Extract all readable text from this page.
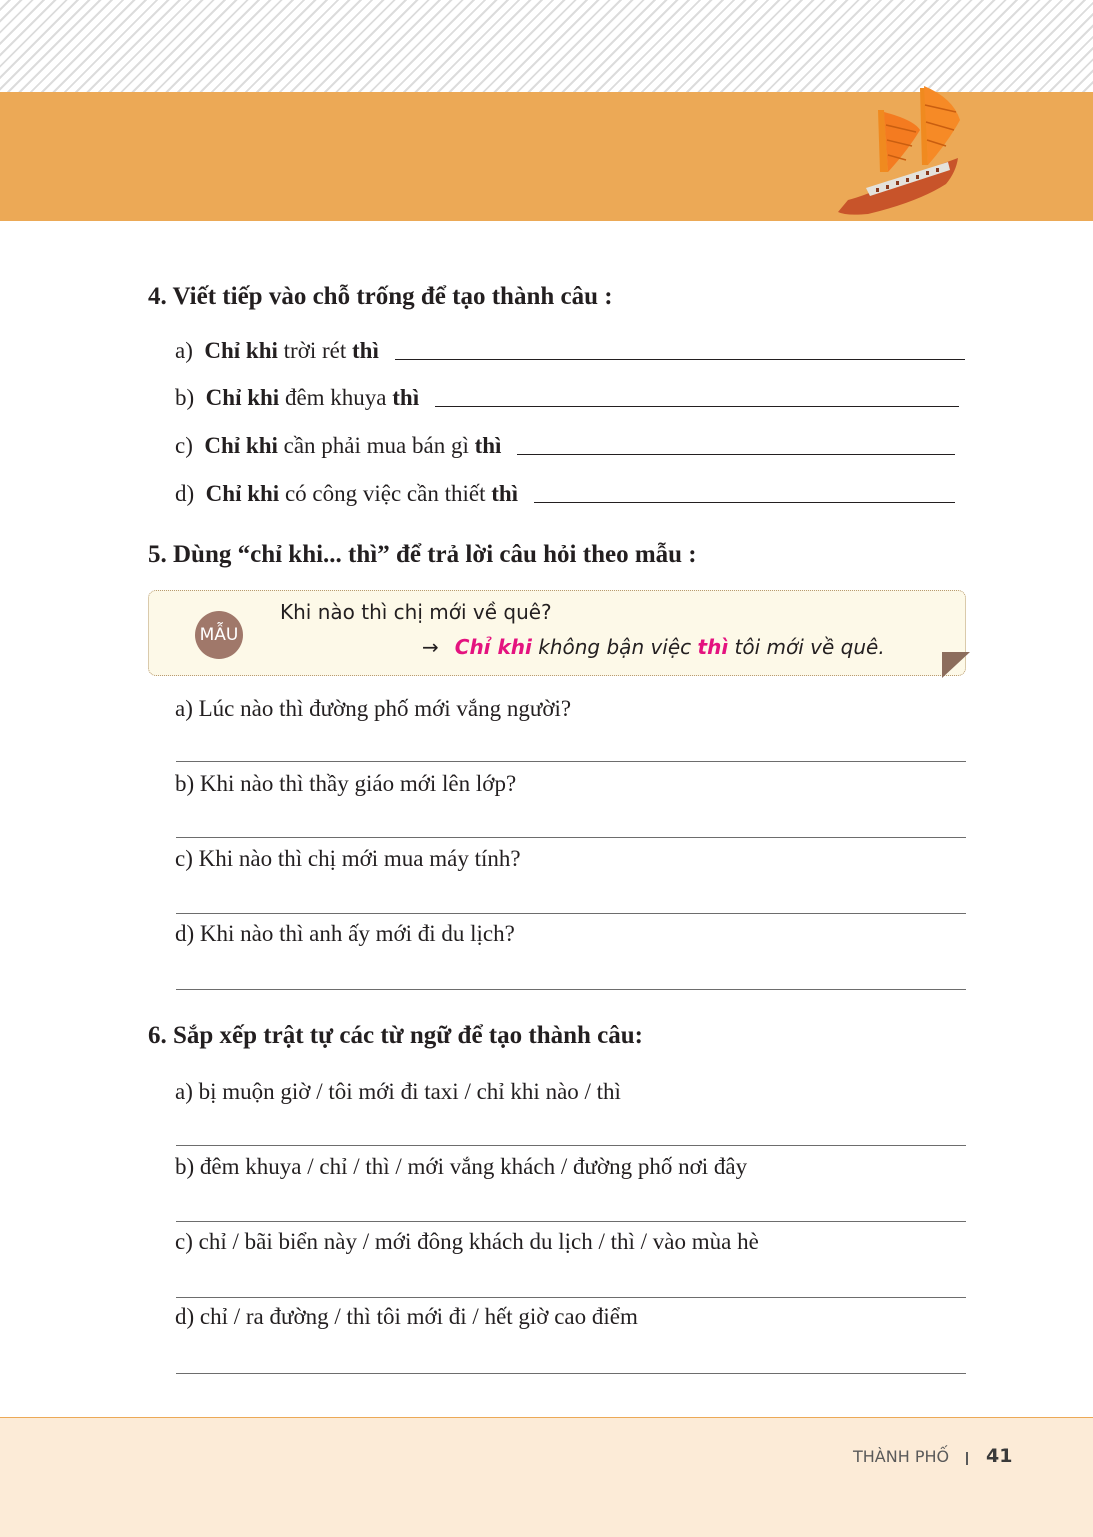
4. Viết tiếp vào chỗ trống để tạo thành câu :
a) Chỉ khi trời rét thì
b) Chỉ khi đêm khuya thì
c) Chỉ khi cần phải mua bán gì thì
d) Chỉ khi có công việc cần thiết thì
5. Dùng “chỉ khi... thì” để trả lời câu hỏi theo mẫu :
MẪU
Khi nào thì chị mới về quê?
→ Chỉ khi không bận việc thì tôi mới về quê.
a) Lúc nào thì đường phố mới vắng người?
b) Khi nào thì thầy giáo mới lên lớp?
c) Khi nào thì chị mới mua máy tính?
d) Khi nào thì anh ấy mới đi du lịch?
6. Sắp xếp trật tự các từ ngữ để tạo thành câu:
a) bị muộn giờ / tôi mới đi taxi / chỉ khi nào / thì
b) đêm khuya / chỉ / thì / mới vắng khách / đường phố nơi đây
c) chỉ / bãi biển này / mới đông khách du lịch / thì / vào mùa hè
d) chỉ / ra đường / thì tôi mới đi / hết giờ cao điểm
THÀNH PHỐ 41
